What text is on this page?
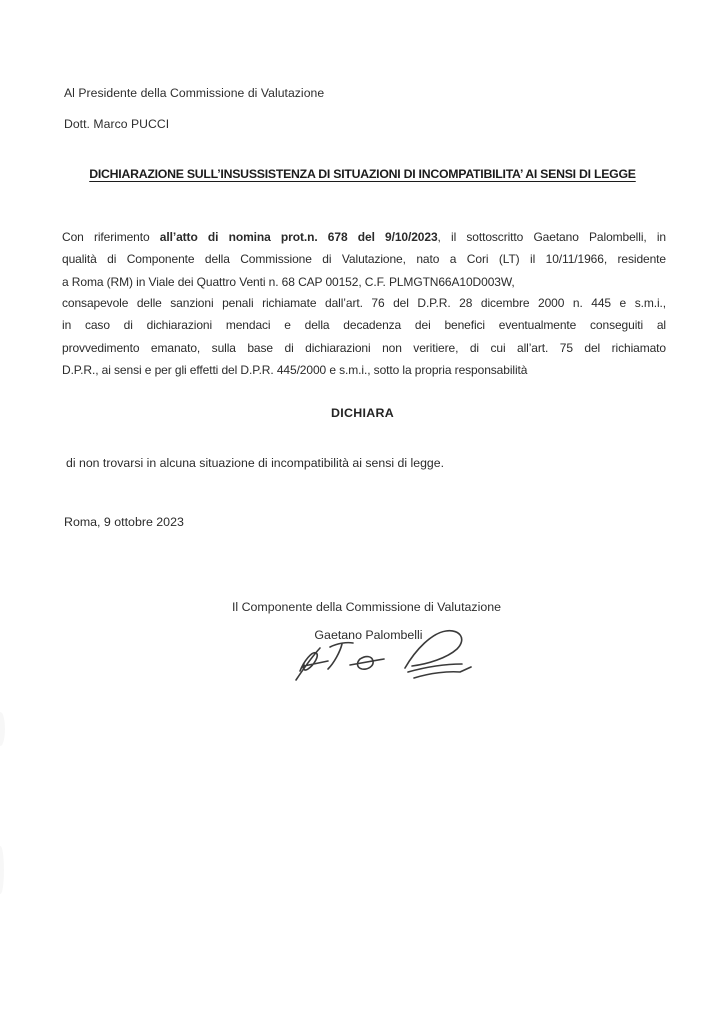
Al Presidente della Commissione di Valutazione
Dott. Marco PUCCI
DICHIARAZIONE SULL’INSUSSISTENZA DI SITUAZIONI DI INCOMPATIBILITA’ AI SENSI DI LEGGE
Con riferimento all’atto di nomina prot.n. 678 del 9/10/2023, il sottoscritto Gaetano Palombelli, in
qualità di Componente della Commissione di Valutazione, nato a Cori (LT) il 10/11/1966, residente
a Roma (RM) in Viale dei Quattro Venti n. 68 CAP 00152, C.F. PLMGTN66A10D003W,
consapevole delle sanzioni penali richiamate dall’art. 76 del D.P.R. 28 dicembre 2000 n. 445 e s.m.i.,
in caso di dichiarazioni mendaci e della decadenza dei benefici eventualmente conseguiti al
provvedimento emanato, sulla base di dichiarazioni non veritiere, di cui all’art. 75 del richiamato
D.P.R., ai sensi e per gli effetti del D.P.R. 445/2000 e s.m.i., sotto la propria responsabilità
DICHIARA
di non trovarsi in alcuna situazione di incompatibilità ai sensi di legge.
Roma, 9 ottobre 2023
Il Componente della Commissione di Valutazione
Gaetano Palombelli
